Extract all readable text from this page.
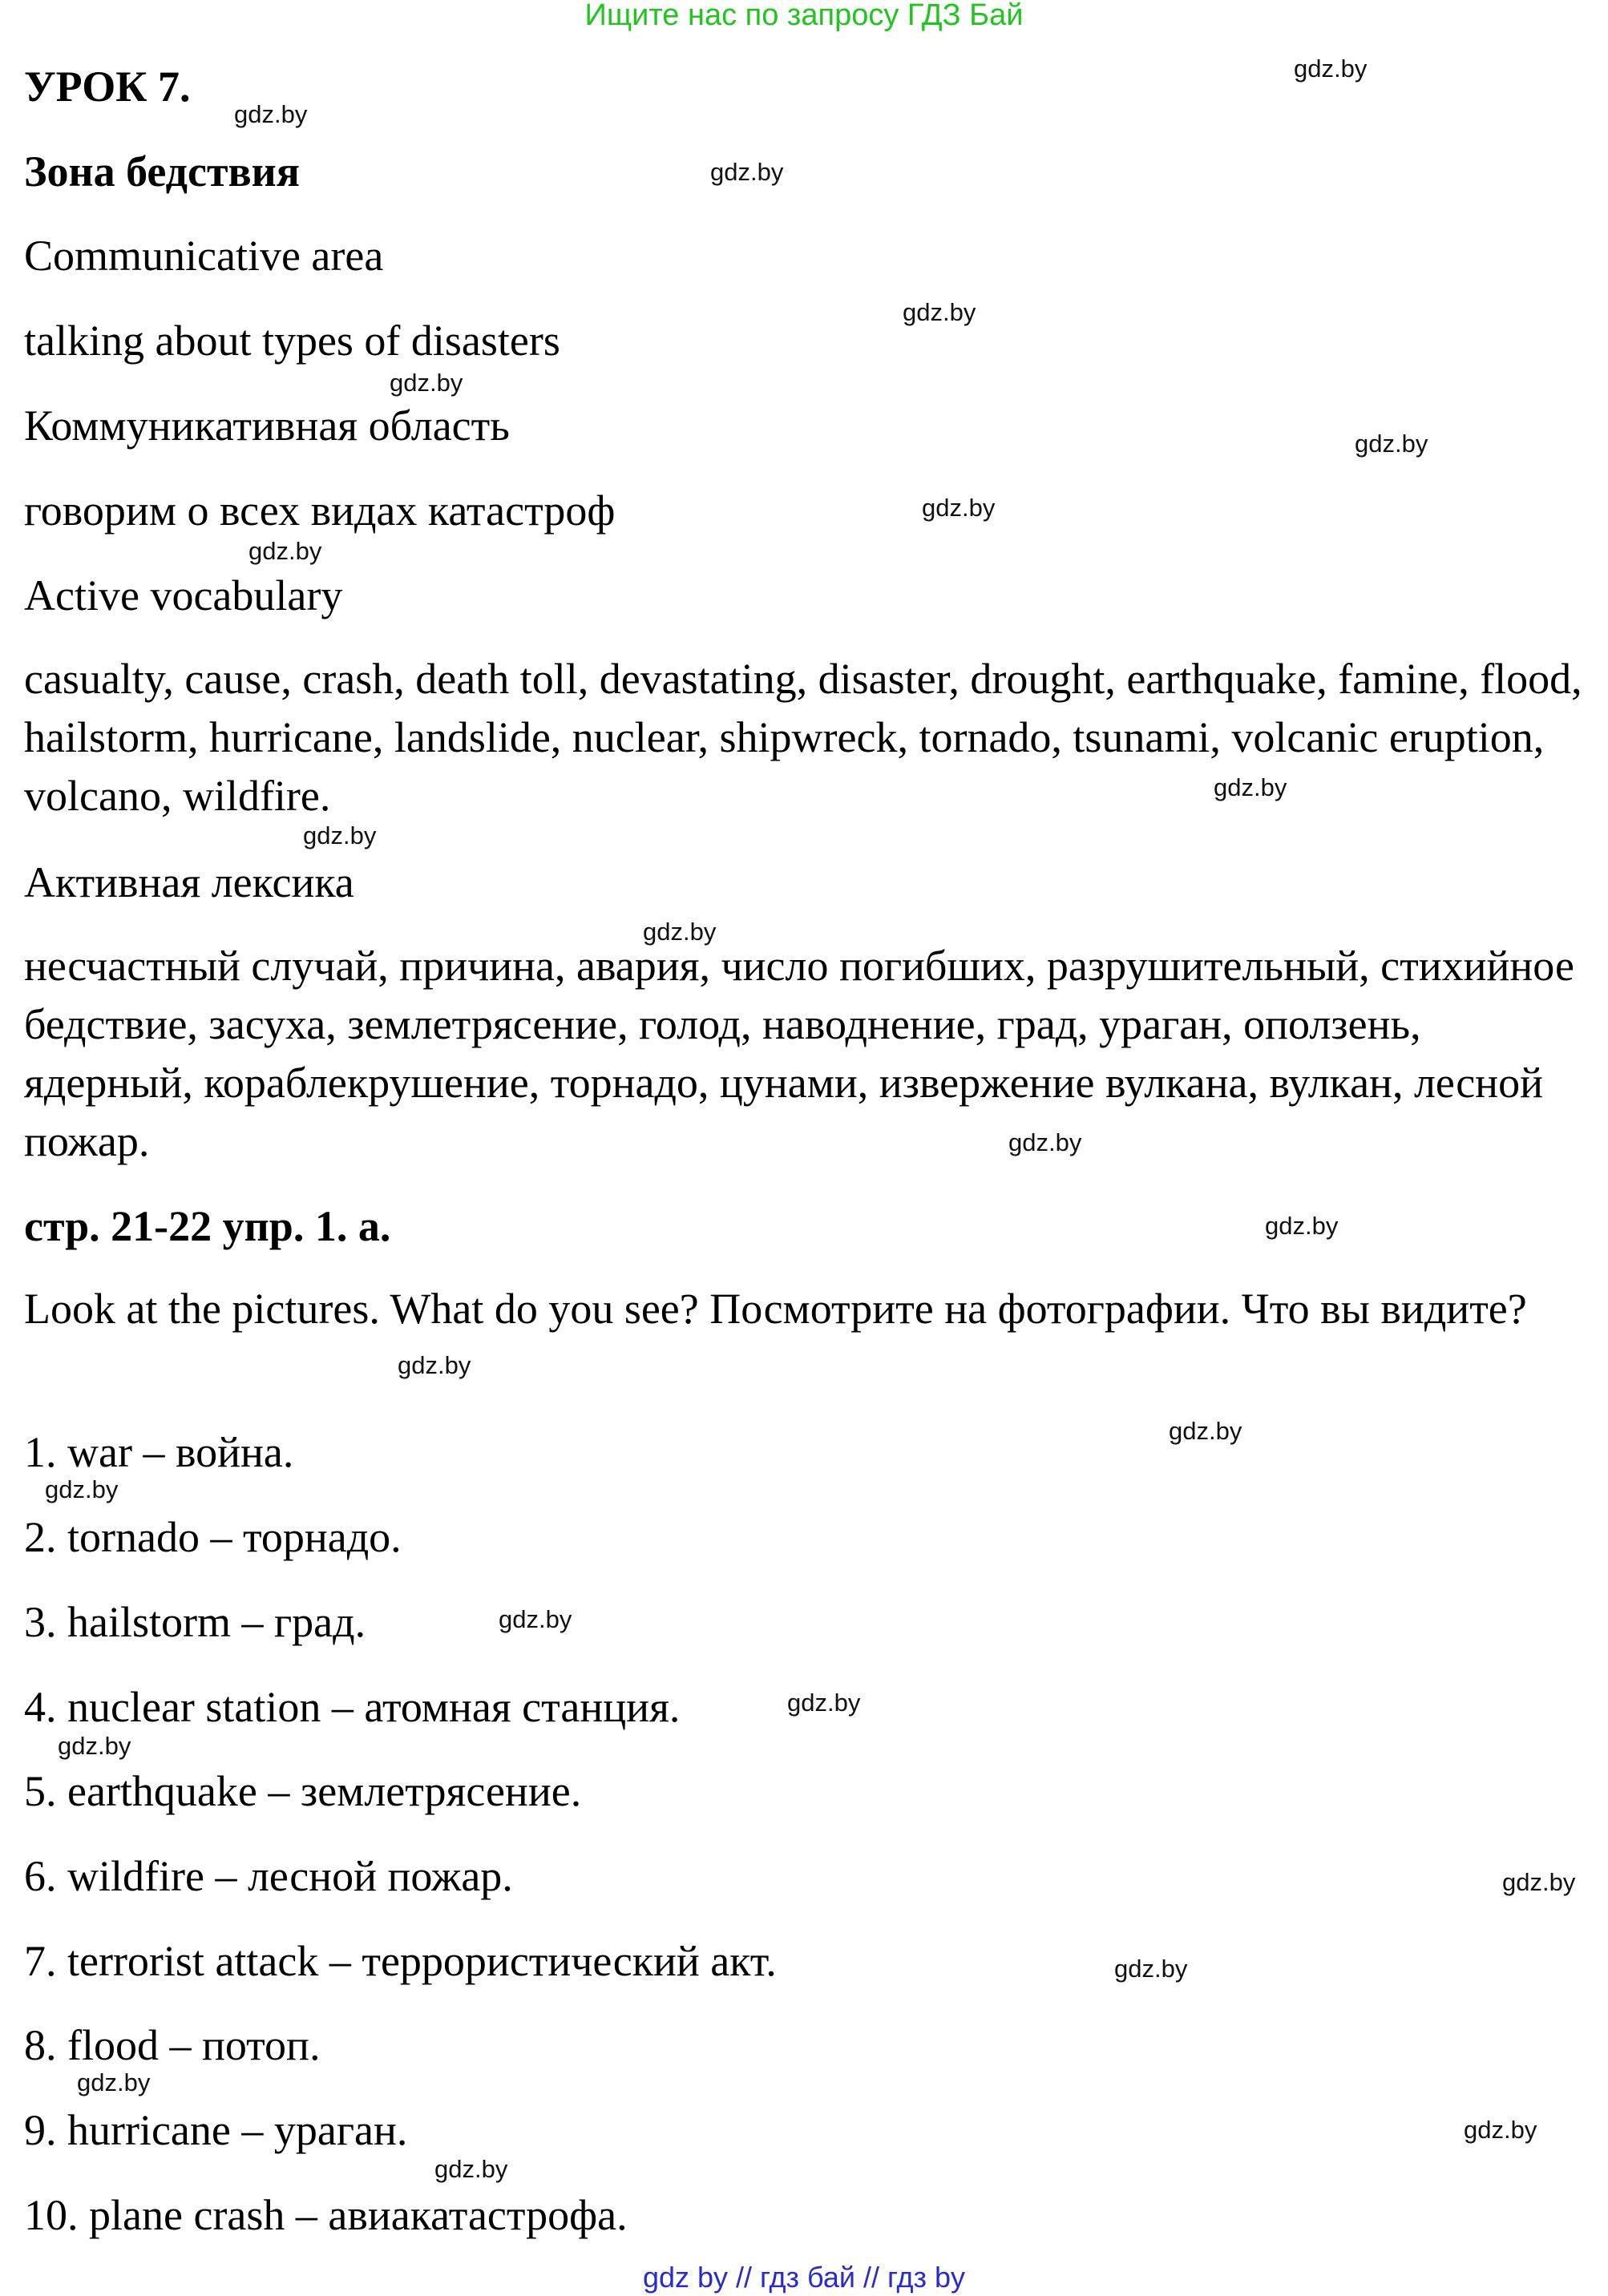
Ищите нас по запросу ГДЗ Бай
УРОК 7.
Зона бедствия
Communicative area
talking about types of disasters
Коммуникативная область
говорим о всех видах катастроф
Active vocabulary
casualty, cause, crash, death toll, devastating, disaster, drought, earthquake, famine, flood, hailstorm, hurricane, landslide, nuclear, shipwreck, tornado, tsunami, volcanic eruption, volcano, wildfire.
Активная лексика
несчастный случай, причина, авария, число погибших, разрушительный, стихийное бедствие, засуха, землетрясение, голод, наводнение, град, ураган, оползень, ядерный, кораблекрушение, торнадо, цунами, извержение вулкана, вулкан, лесной пожар.
стр. 21-22 упр. 1. а.
Look at the pictures. What do you see? Посмотрите на фотографии. Что вы видите?
1. war – война.
2. tornado – торнадо.
3. hailstorm – град.
4. nuclear station – атомная станция.
5. earthquake – землетрясение.
6. wildfire – лесной пожар.
7. terrorist attack – террористический акт.
8. flood – потоп.
9. hurricane – ураган.
10. plane crash – авиакатастрофа.
gdz.by
gdz.by
gdz.by
gdz.by
gdz.by
gdz.by
gdz.by
gdz.by
gdz.by
gdz.by
gdz.by
gdz.by
gdz.by
gdz.by
gdz.by
gdz.by
gdz.by
gdz.by
gdz.by
gdz.by
gdz.by
gdz.by
gdz.by
gdz.by
gdz by // гдз бай // гдз by
